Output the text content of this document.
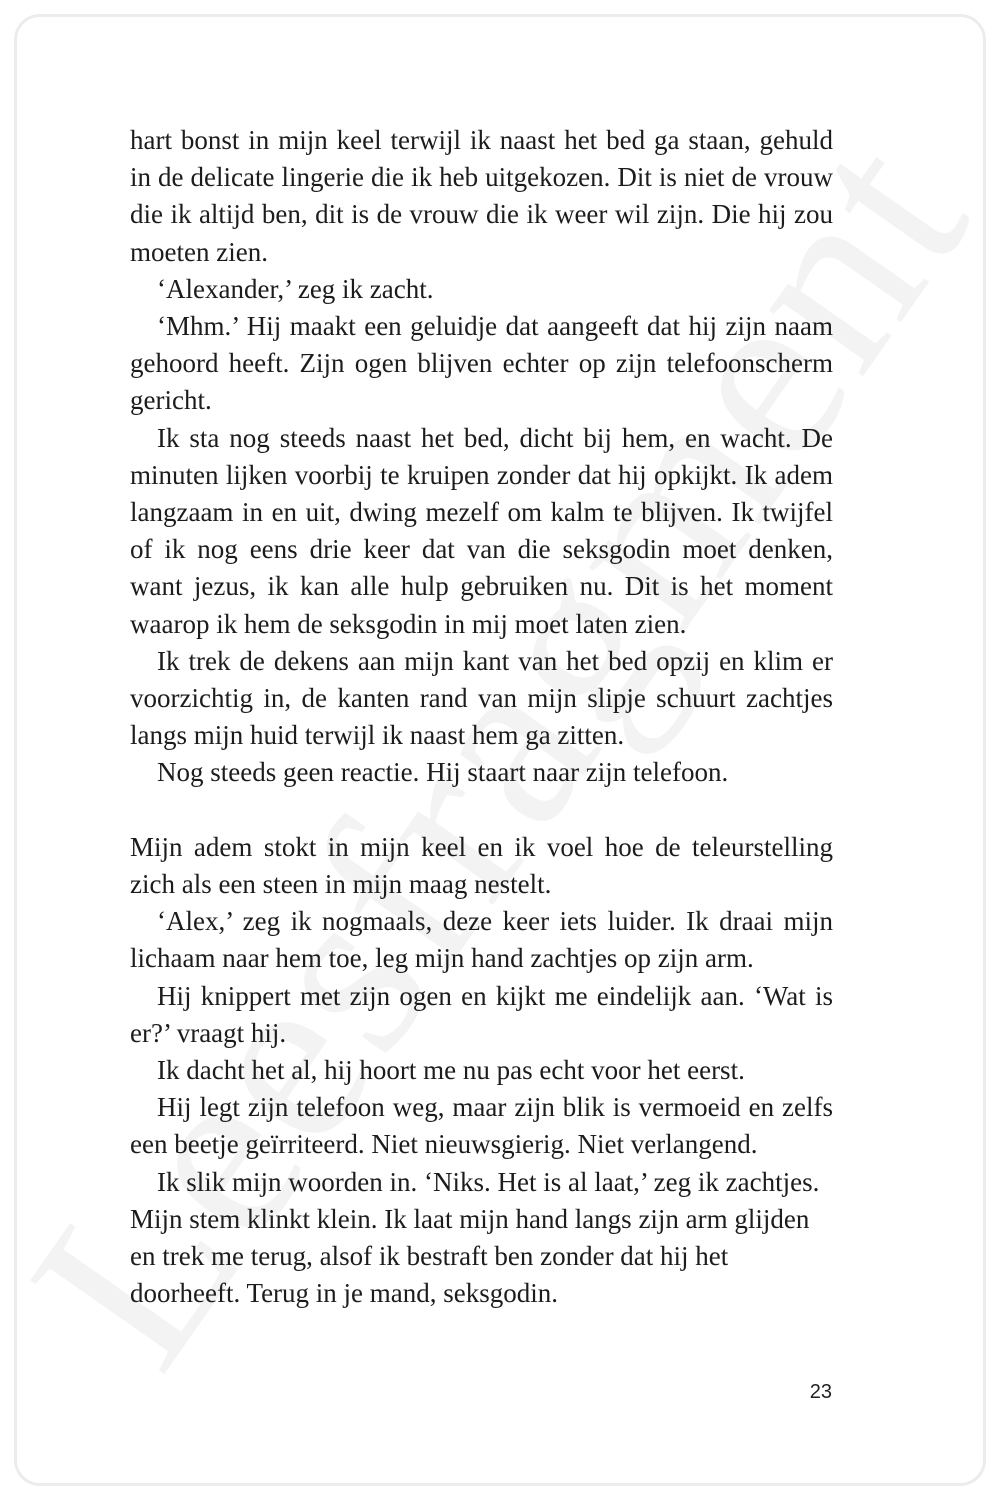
hart bonst in mijn keel terwijl ik naast het bed ga staan, gehuld in de delicate lingerie die ik heb uitgekozen. Dit is niet de vrouw die ik altijd ben, dit is de vrouw die ik weer wil zijn. Die hij zou moeten zien.

‘Alexander,’ zeg ik zacht.

‘Mhm.’ Hij maakt een geluidje dat aangeeft dat hij zijn naam gehoord heeft. Zijn ogen blijven echter op zijn telefoonscherm gericht.

Ik sta nog steeds naast het bed, dicht bij hem, en wacht. De minuten lijken voorbij te kruipen zonder dat hij opkijkt. Ik adem langzaam in en uit, dwing mezelf om kalm te blijven. Ik twijfel of ik nog eens drie keer dat van die seksgodin moet denken, want jezus, ik kan alle hulp gebruiken nu. Dit is het moment waarop ik hem de seksgodin in mij moet laten zien.

Ik trek de dekens aan mijn kant van het bed opzij en klim er voorzichtig in, de kanten rand van mijn slipje schuurt zachtjes langs mijn huid terwijl ik naast hem ga zitten.

Nog steeds geen reactie. Hij staart naar zijn telefoon.

Mijn adem stokt in mijn keel en ik voel hoe de teleurstelling zich als een steen in mijn maag nestelt.

‘Alex,’ zeg ik nogmaals, deze keer iets luider. Ik draai mijn lichaam naar hem toe, leg mijn hand zachtjes op zijn arm.

Hij knippert met zijn ogen en kijkt me eindelijk aan. ‘Wat is er?’ vraagt hij.

Ik dacht het al, hij hoort me nu pas echt voor het eerst.

Hij legt zijn telefoon weg, maar zijn blik is vermoeid en zelfs een beetje geïrriteerd. Niet nieuwsgierig. Niet verlangend.

Ik slik mijn woorden in. ‘Niks. Het is al laat,’ zeg ik zachtjes. Mijn stem klinkt klein. Ik laat mijn hand langs zijn arm glijden en trek me terug, alsof ik bestraft ben zonder dat hij het doorheeft. Terug in je mand, seksgodin.

23
